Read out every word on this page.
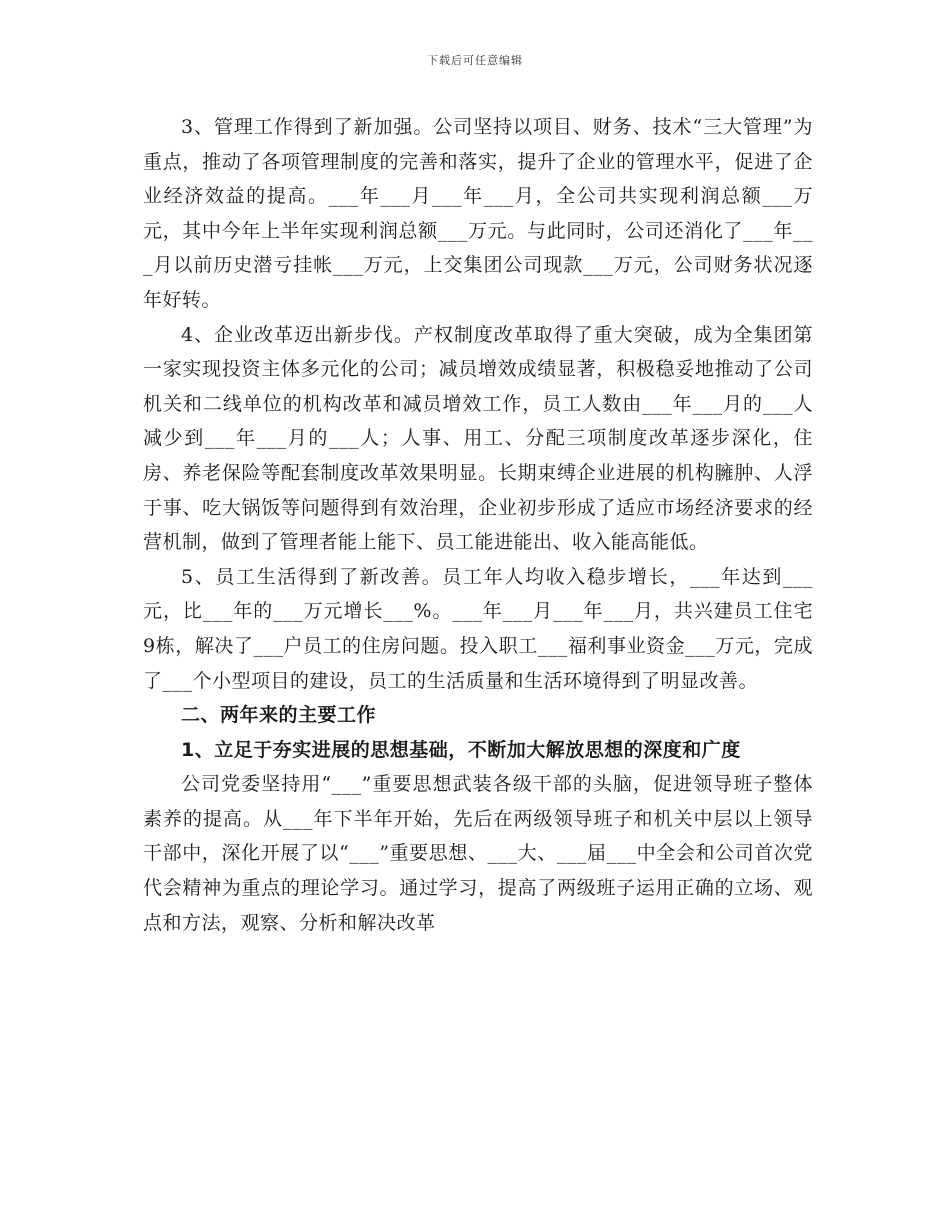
下载后可任意编辑

3、管理工作得到了新加强。公司坚持以项目、财务、技术“三大管理”为重点，推动了各项管理制度的完善和落实，提升了企业的管理水平，促进了企业经济效益的提高。___年___月___年___月，全公司共实现利润总额___万元，其中今年上半年实现利润总额___万元。与此同时，公司还消化了___年___月以前历史潜亏挂帐___万元，上交集团公司现款___万元，公司财务状况逐年好转。

4、企业改革迈出新步伐。产权制度改革取得了重大突破，成为全集团第一家实现投资主体多元化的公司；减员增效成绩显著，积极稳妥地推动了公司机关和二线单位的机构改革和减员增效工作，员工人数由___年___月的___人减少到___年___月的___人；人事、用工、分配三项制度改革逐步深化，住房、养老保险等配套制度改革效果明显。长期束缚企业进展的机构臃肿、人浮于事、吃大锅饭等问题得到有效治理，企业初步形成了适应市场经济要求的经营机制，做到了管理者能上能下、员工能进能出、收入能高能低。

5、员工生活得到了新改善。员工年人均收入稳步增长，___年达到___元，比___年的___万元增长___%。___年___月___年___月，共兴建员工住宅9栋，解决了___户员工的住房问题。投入职工___福利事业资金___万元，完成了___个小型项目的建设，员工的生活质量和生活环境得到了明显改善。

二、两年来的主要工作

1、立足于夯实进展的思想基础，不断加大解放思想的深度和广度

公司党委坚持用“___”重要思想武装各级干部的头脑，促进领导班子整体素养的提高。从___年下半年开始，先后在两级领导班子和机关中层以上领导干部中，深化开展了以“___”重要思想、___大、___届___中全会和公司首次党代会精神为重点的理论学习。通过学习，提高了两级班子运用正确的立场、观点和方法，观察、分析和解决改革
